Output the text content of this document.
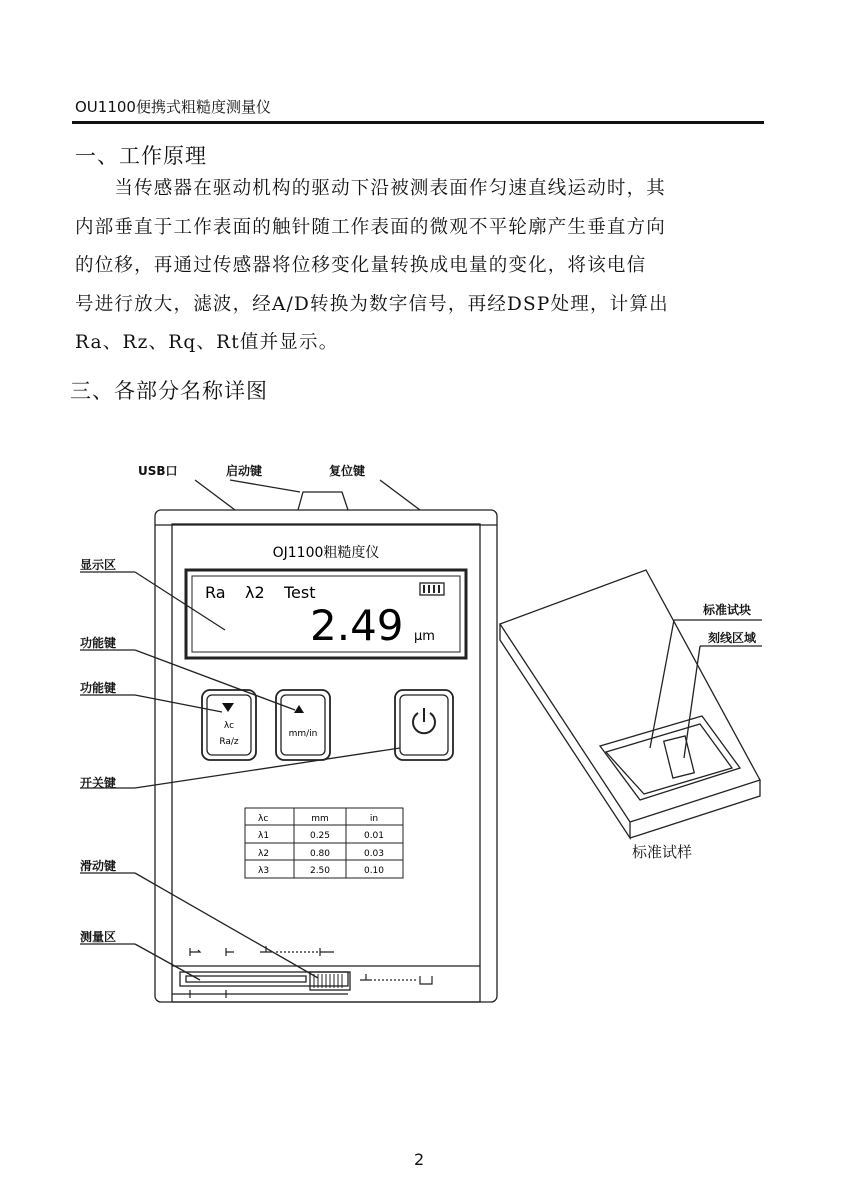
OU1100便携式粗糙度测量仪
一、工作原理
　　当传感器在驱动机构的驱动下沿被测表面作匀速直线运动时，其
内部垂直于工作表面的触针随工作表面的微观不平轮廓产生垂直方向
的位移，再通过传感器将位移变化量转换成电量的变化，将该电信
号进行放大，滤波，经A/D转换为数字信号，再经DSP处理，计算出
Ra、Rz、Rq、Rt值并显示。
三、各部分名称详图
USB口	启动键	复位键
显示区
功能键
功能键
开关键
滑动键
测量区
标准试块
刻线区域
标准试样
OJ1100粗糙度仪
Ra λ2 Test
2.49 μm
λc
Ra/z
mm/in
λc	mm	in
λ1	0.25	0.01
λ2	0.80	0.03
λ3	2.50	0.10
2
